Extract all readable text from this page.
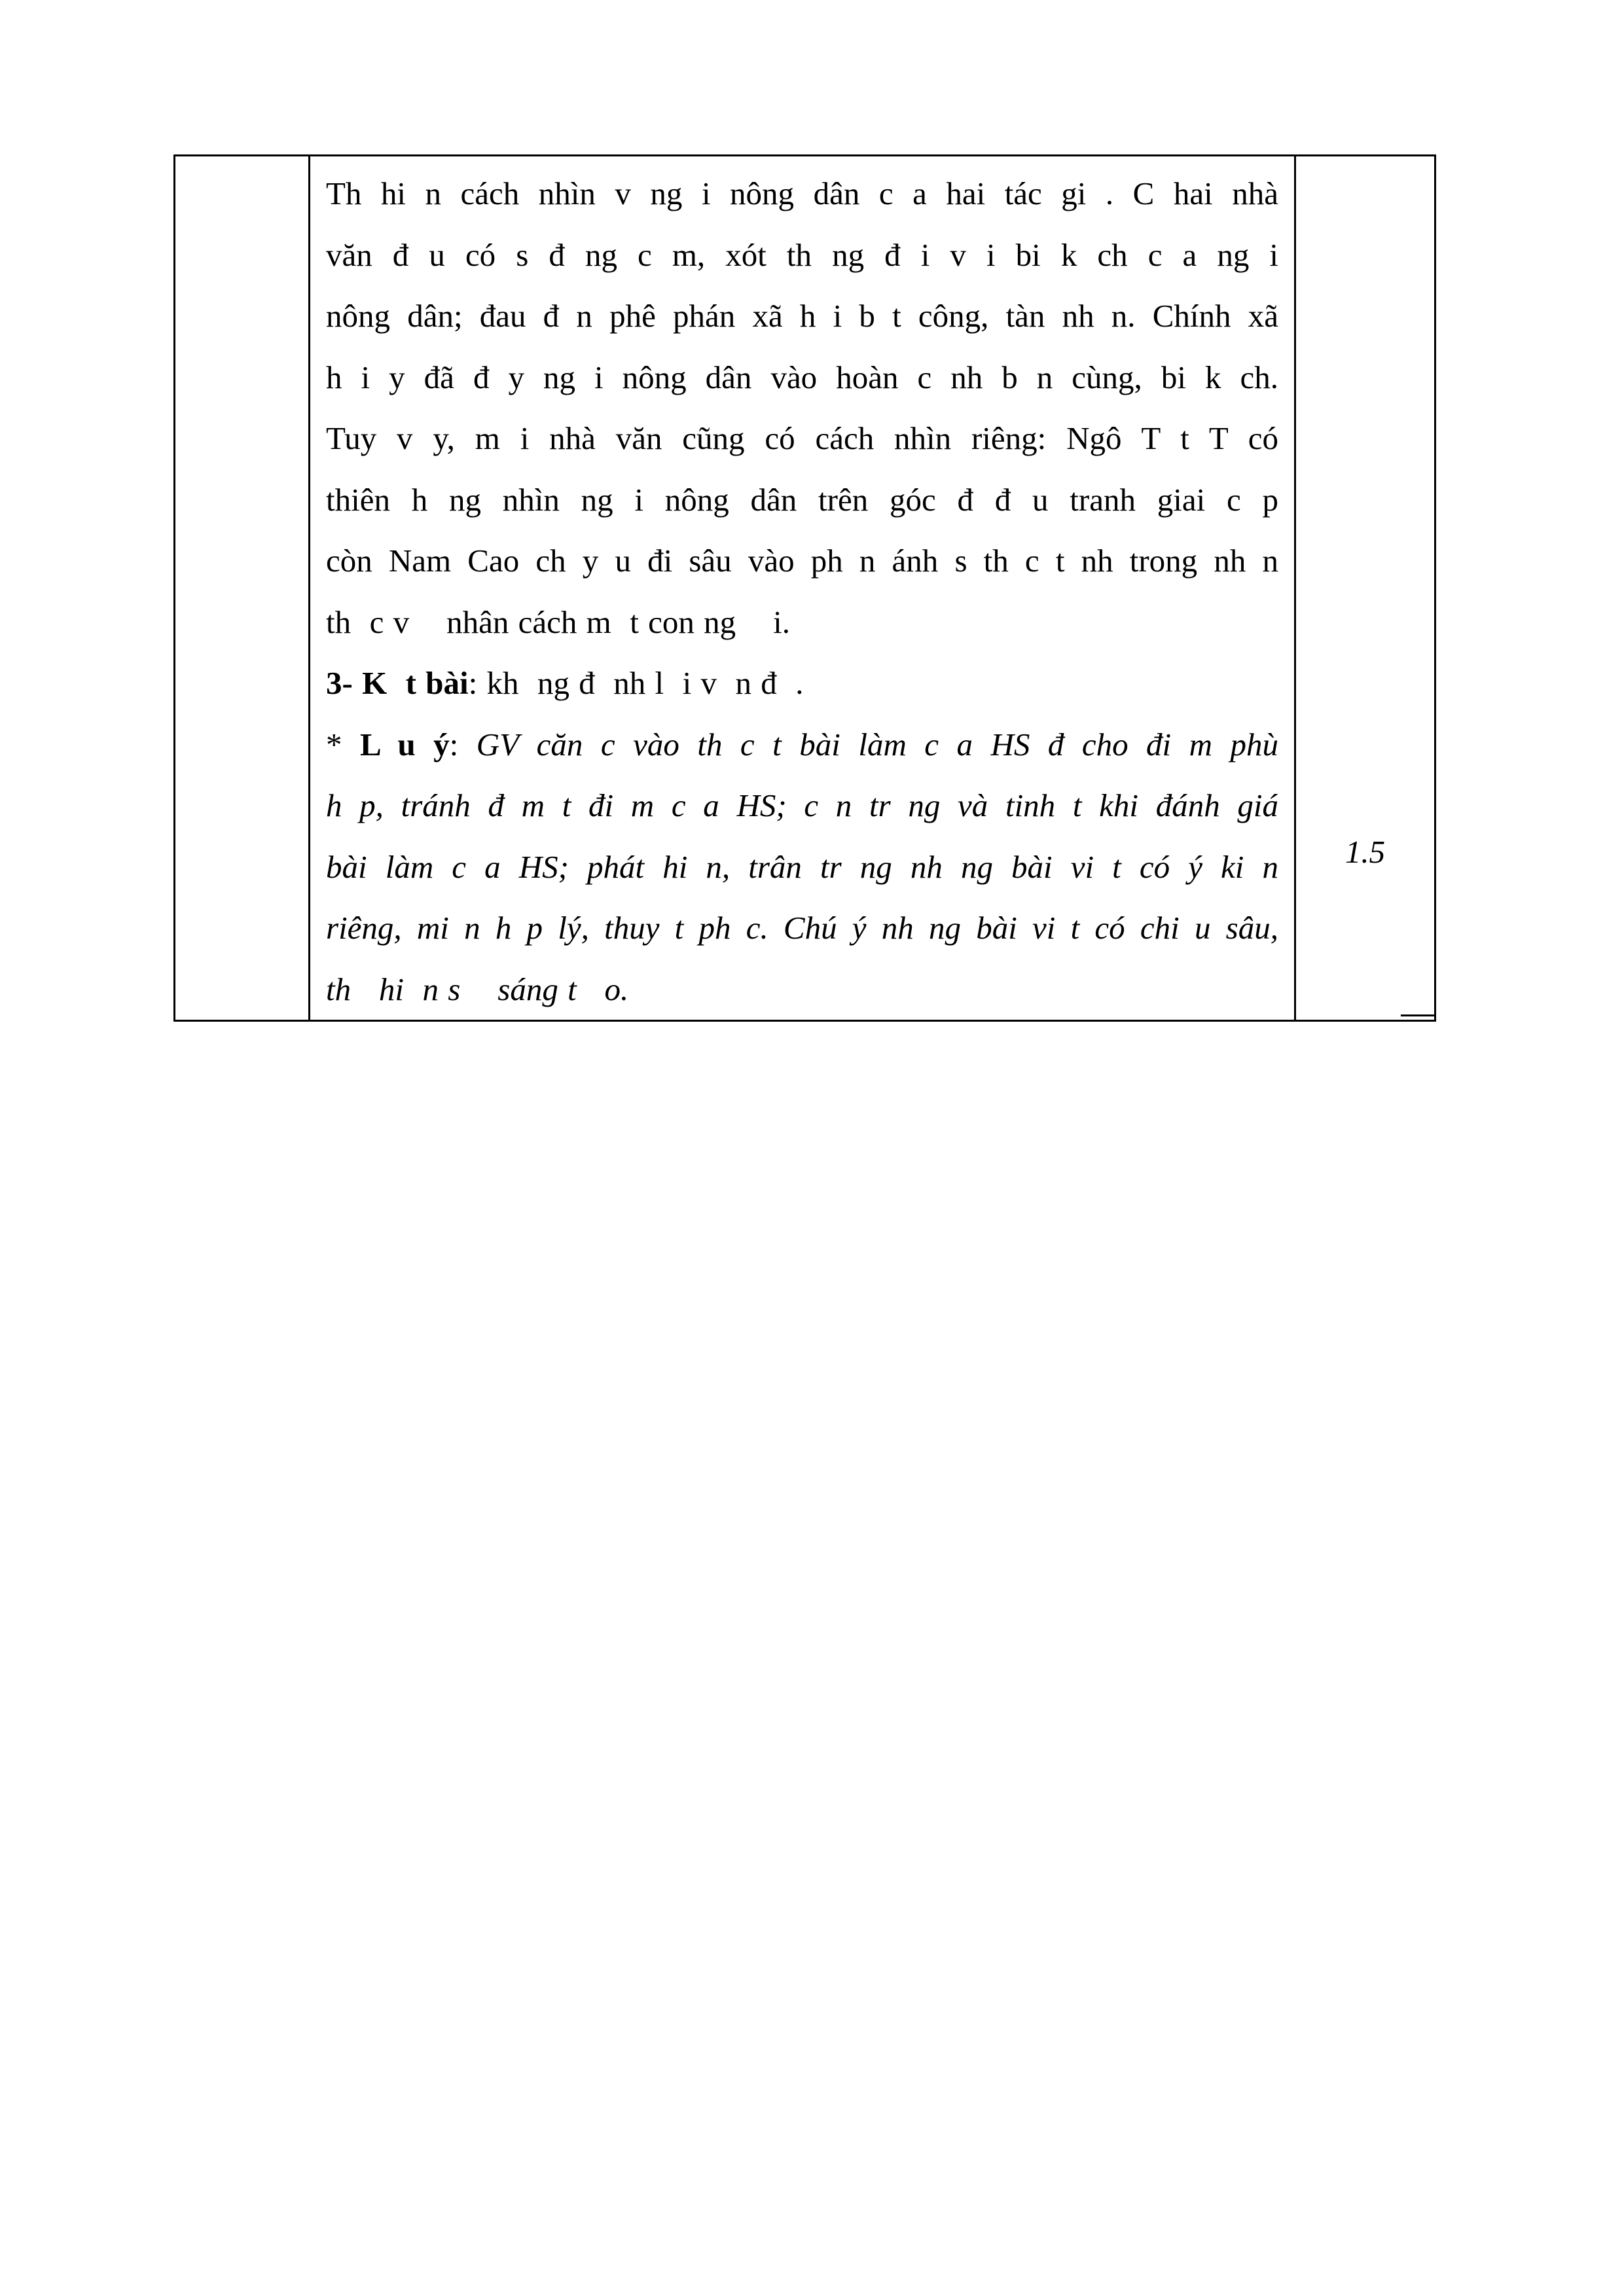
Th hi n cách nhìn v ng i nông dân c a hai tác gi . C hai nhà
văn đ u có s đ ng c m, xót th ng đ i v i bi k ch c a ng i
nông dân; đau đ n phê phán xã h i b t công, tàn nh n. Chính xã
h i y đã đ y ng i nông dân vào hoàn c nh b n cùng, bi k ch.
Tuy v y, m i nhà văn cũng có cách nhìn riêng: Ngô T t T có
thiên h ng nhìn ng i nông dân trên góc đ đ u tranh giai c p
còn Nam Cao ch y u đi sâu vào ph n ánh s th c t nh trong nh n
th  c v    nhân cách m  t con ng    i.
3- K  t bài: kh  ng đ  nh l  i v  n đ  .
* L u ý: GV căn c vào th c t bài làm c a HS đ cho đi m phù
h p, tránh đ m t đi m c a HS; c n tr ng và tinh t khi đánh giá
bài làm c a HS; phát hi n, trân tr ng nh ng bài vi t có ý ki n
riêng, mi n h p lý, thuy t ph c. Chú ý nh ng bài vi t có chi u sâu,
th   hi  n s    sáng t   o.

1.5
